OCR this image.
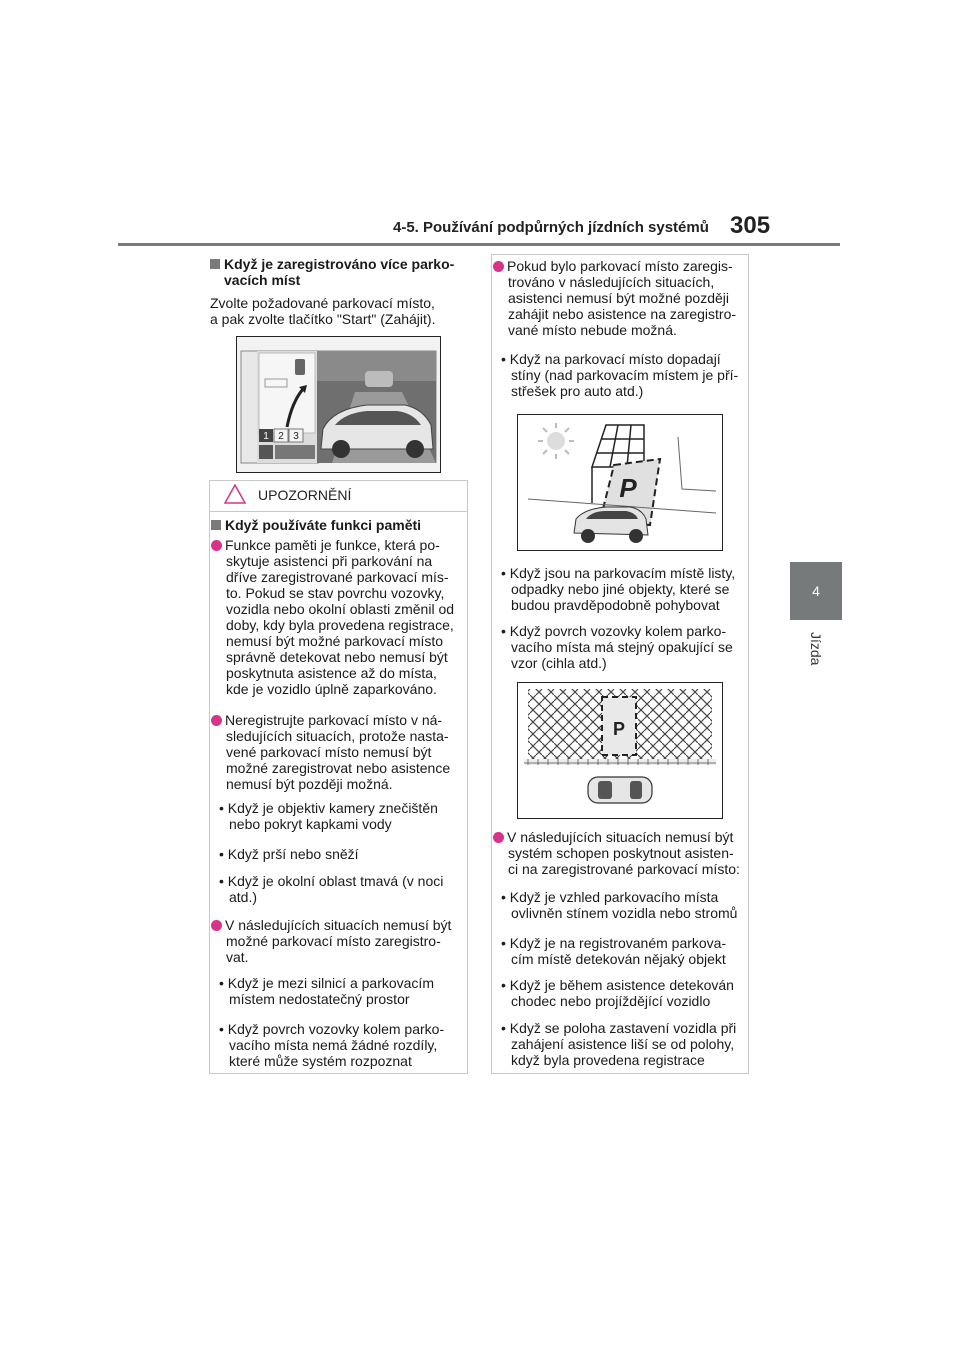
4-5. Používání podpůrných jízdních systémů 305
4
Jízda
Když je zaregistrováno více parko-
vacích míst
Zvolte požadované parkovací místo,
a pak zvolte tlačítko "Start" (Zahájit).
1 2 3
UPOZORNĚNÍ
Když používáte funkci paměti
Funkce paměti je funkce, která po-
skytuje asistenci při parkování na
dříve zaregistrované parkovací mís-
to. Pokud se stav povrchu vozovky,
vozidla nebo okolní oblasti změnil od
doby, kdy byla provedena registrace,
nemusí být možné parkovací místo
správně detekovat nebo nemusí být
poskytnuta asistence až do místa,
kde je vozidlo úplně zaparkováno.
Neregistrujte parkovací místo v ná-
sledujících situacích, protože nasta-
vené parkovací místo nemusí být
možné zaregistrovat nebo asistence
nemusí být později možná.
• Když je objektiv kamery znečištěn
nebo pokryt kapkami vody
• Když prší nebo sněží
• Když je okolní oblast tmavá (v noci
atd.)
V následujících situacích nemusí být
možné parkovací místo zaregistro-
vat.
• Když je mezi silnicí a parkovacím
místem nedostatečný prostor
• Když povrch vozovky kolem parko-
vacího místa nemá žádné rozdíly,
které může systém rozpoznat
Pokud bylo parkovací místo zaregis-
trováno v následujících situacích,
asistenci nemusí být možné později
zahájit nebo asistence na zaregistro-
vané místo nebude možná.
• Když na parkovací místo dopadají
stíny (nad parkovacím místem je pří-
střešek pro auto atd.)
P
• Když jsou na parkovacím místě listy,
odpadky nebo jiné objekty, které se
budou pravděpodobně pohybovat
• Když povrch vozovky kolem parko-
vacího místa má stejný opakující se
vzor (cihla atd.)
P
V následujících situacích nemusí být
systém schopen poskytnout asisten-
ci na zaregistrované parkovací místo:
• Když je vzhled parkovacího místa
ovlivněn stínem vozidla nebo stromů
• Když je na registrovaném parkova-
cím místě detekován nějaký objekt
• Když je během asistence detekován
chodec nebo projíždějící vozidlo
• Když se poloha zastavení vozidla při
zahájení asistence liší se od polohy,
když byla provedena registrace
